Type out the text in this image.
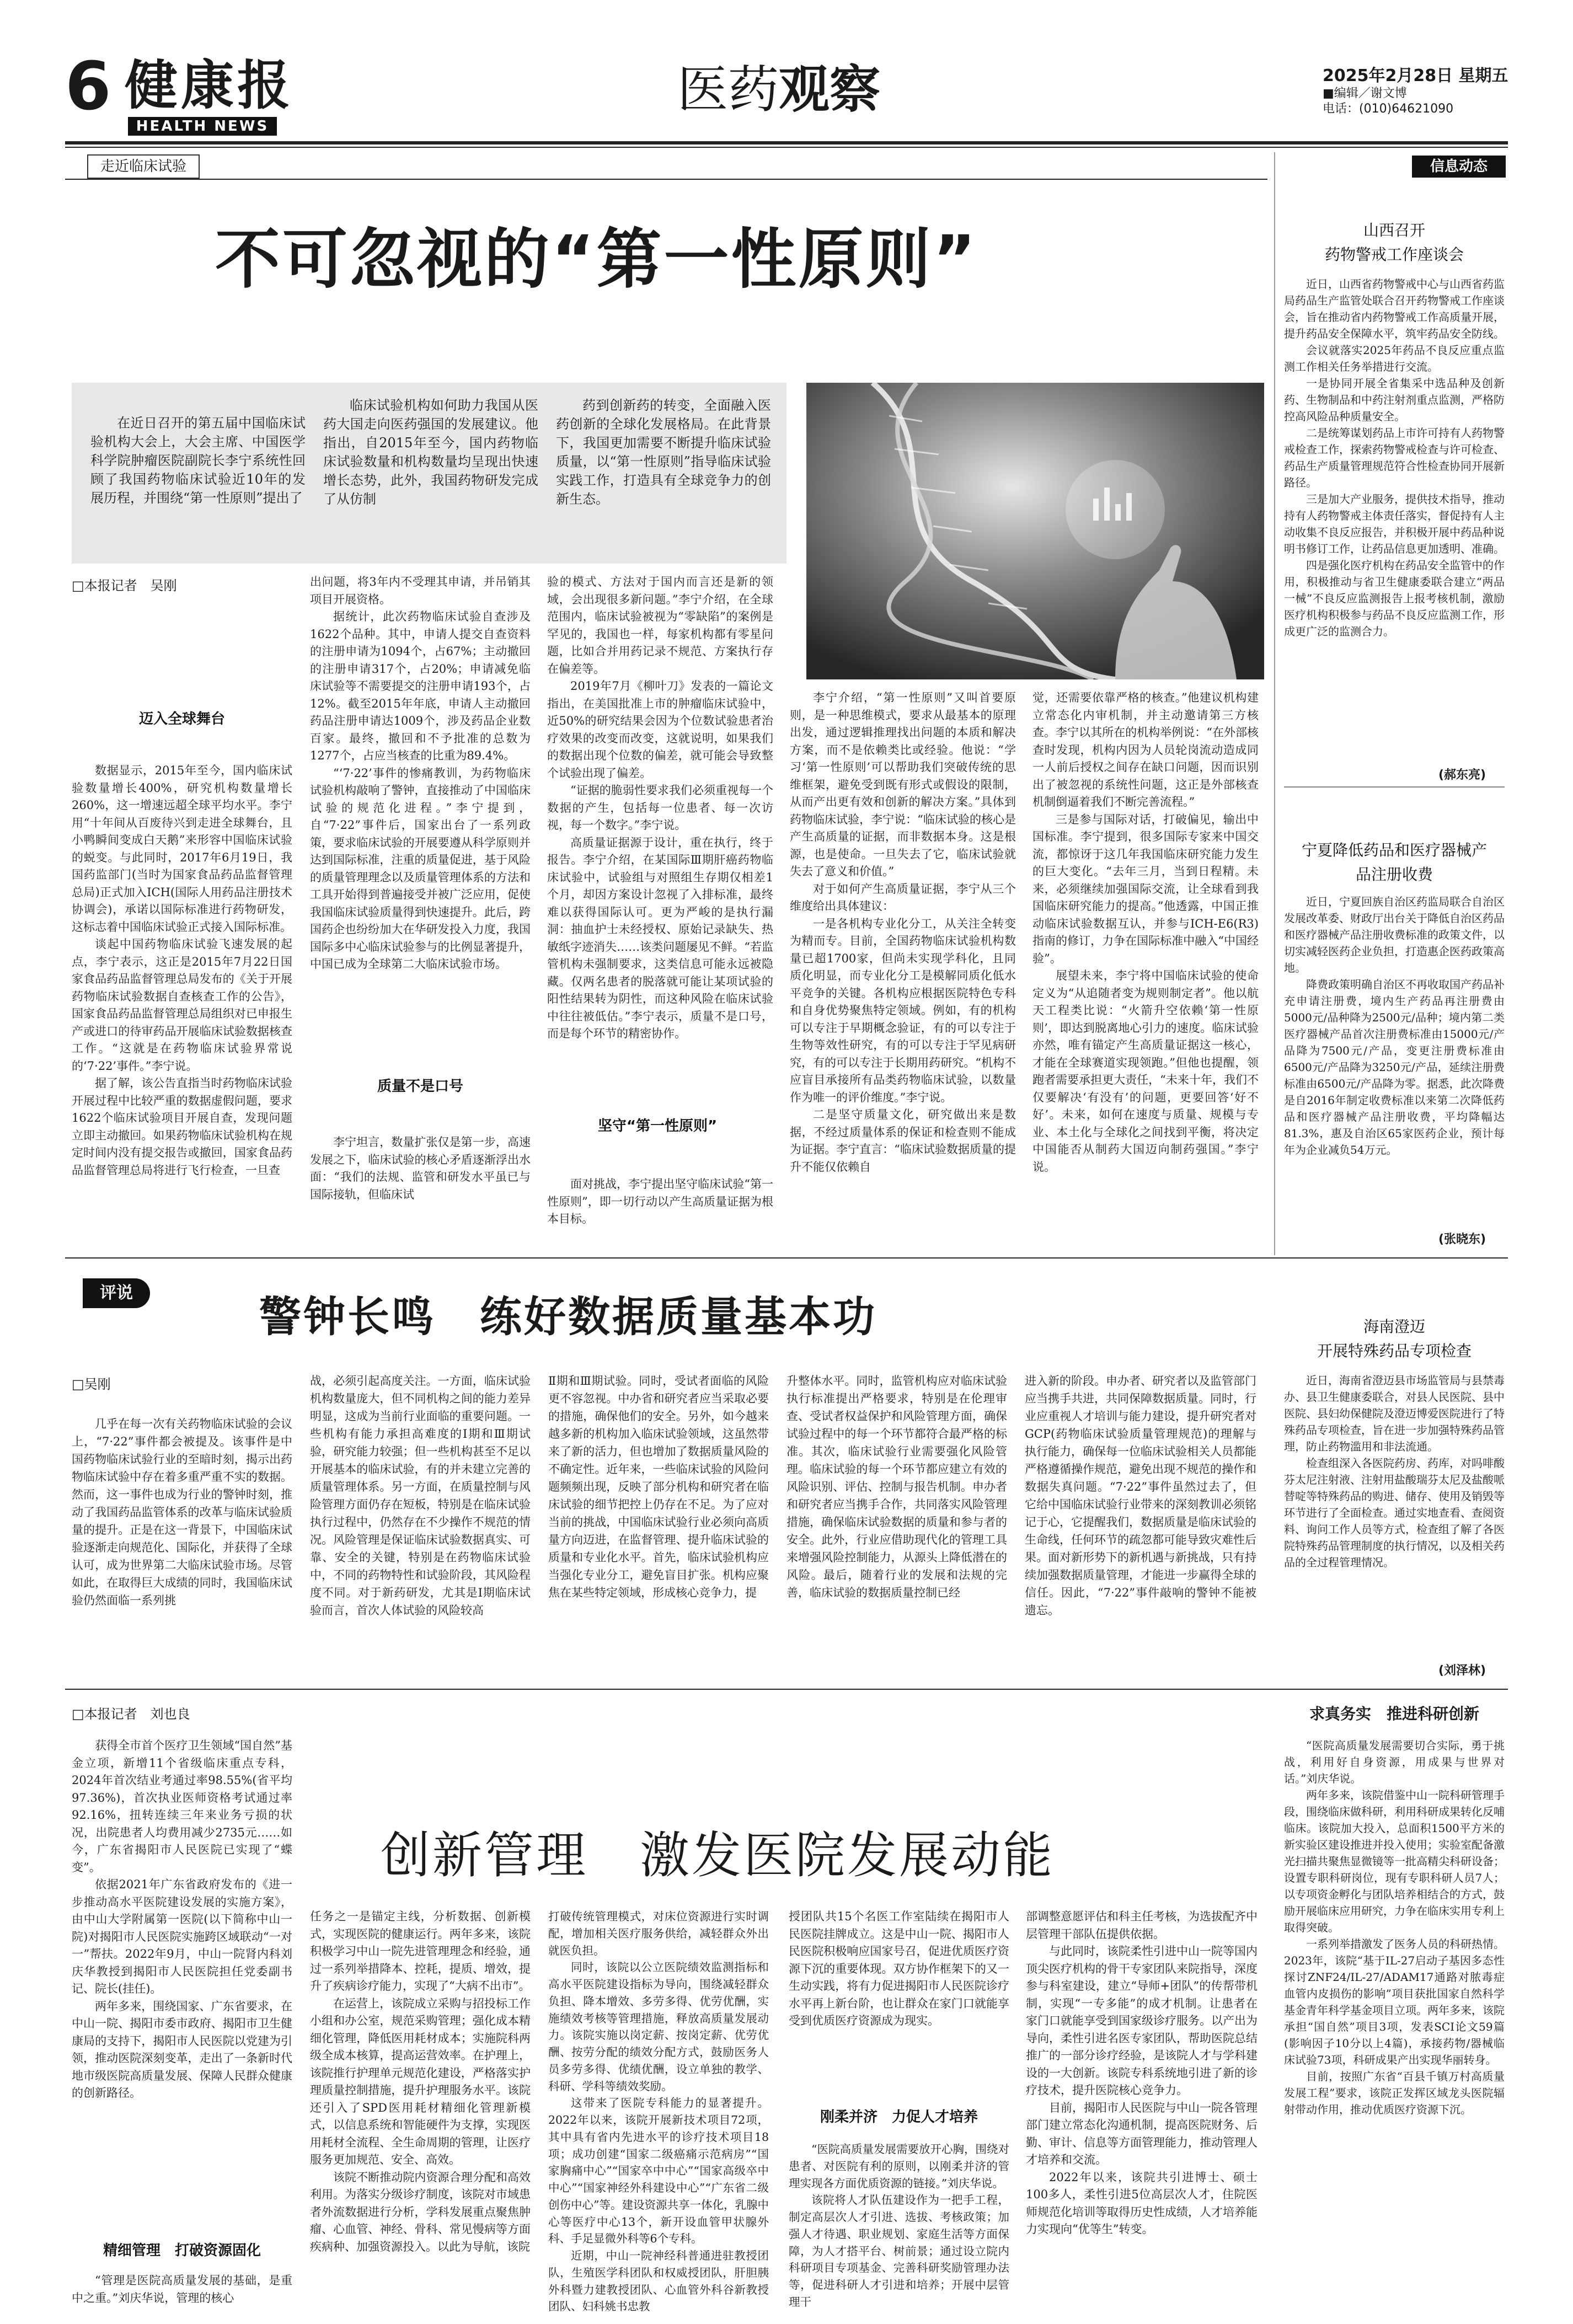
6 健康报
HEALTH NEWS
医药观察	2025年2月28日 星期五
■编辑／谢文博
电话：(010)64621090
走近临床试验
不可忽视的“第一性原则”

在近日召开的第五届中国临床试验机构大会上，大会主席、中国医学科学院肿瘤医院副院长李宁系统性回顾了我国药物临床试验近10年的发展历程，并围绕“第一性原则”提出了

临床试验机构如何助力我国从医药大国走向医药强国的发展建议。他指出，自2015年至今，国内药物临床试验数量和机构数量均呈现出快速增长态势，此外，我国药物研发完成了从仿制

药到创新药的转变，全面融入医药创新的全球化发展格局。在此背景下，我国更加需要不断提升临床试验质量，以“第一性原则”指导临床试验实践工作，打造具有全球竞争力的创新生态。

□本报记者　吴刚
迈入全球舞台
质量不是口号
坚守“第一性原则”

数据显示，2015年至今，国内临床试验数量增长400%，研究机构数量增长260%，这一增速远超全球平均水平。李宁用“十年间从百废待兴到走进全球舞台，且小鸭瞬间变成白天鹅”来形容中国临床试验的蜕变。与此同时，2017年6月19日，我国药监部门(当时为国家食品药品监督管理总局)正式加入ICH(国际人用药品注册技术协调会)，承诺以国际标准进行药物研发，这标志着中国临床试验正式接入国际标准。

谈起中国药物临床试验飞速发展的起点，李宁表示，这正是2015年7月22日国家食品药品监督管理总局发布的《关于开展药物临床试验数据自查核查工作的公告》，国家食品药品监督管理总局组织对已申报生产或进口的待审药品开展临床试验数据核查工作。“这就是在药物临床试验界常说的‘7·22’事件。”李宁说。

据了解，该公告直指当时药物临床试验开展过程中比较严重的数据虚假问题，要求1622个临床试验项目开展自查，发现问题立即主动撤回。如果药物临床试验机构在规定时间内没有提交报告或撤回，国家食品药品监督管理总局将进行飞行检查，一旦查

出问题，将3年内不受理其申请，并吊销其项目开展资格。

据统计，此次药物临床试验自查涉及1622个品种。其中，申请人提交自查资料的注册申请为1094个，占67%；主动撤回的注册申请317个，占20%；申请减免临床试验等不需要提交的注册申请193个，占12%。截至2015年年底，申请人主动撤回药品注册申请达1009个，涉及药品企业数百家。最终，撤回和不予批准的总数为1277个，占应当核查的比重为89.4%。

“‘7·22’事件的惨痛教训，为药物临床试验机构敲响了警钟，直接推动了中国临床试验的规范化进程。”李宁提到，自“7·22”事件后，国家出台了一系列政策，要求临床试验的开展要遵从科学原则并达到国际标准，注重的质量促进，基于风险的质量管理理念以及质量管理体系的方法和工具开始得到普遍接受并被广泛应用，促使我国临床试验质量得到快速提升。此后，跨国药企也纷纷加大在华研发投入力度，我国国际多中心临床试验参与的比例显著提升，中国已成为全球第二大临床试验市场。

李宁坦言，数量扩张仅是第一步，高速发展之下，临床试验的核心矛盾逐渐浮出水面：“我们的法规、监管和研发水平虽已与国际接轨，但临床试

验的模式、方法对于国内而言还是新的领域，会出现很多新问题。”李宁介绍，在全球范围内，临床试验被视为“零缺陷”的案例是罕见的，我国也一样，每家机构都有零星问题，比如合并用药记录不规范、方案执行存在偏差等。

2019年7月《柳叶刀》发表的一篇论文指出，在美国批准上市的肿瘤临床试验中，近50%的研究结果会因为个位数试验患者治疗效果的改变而改变，这就说明，如果我们的数据出现个位数的偏差，就可能会导致整个试验出现了偏差。

“证据的脆弱性要求我们必须重视每一个数据的产生，包括每一位患者、每一次访视，每一个数字。”李宁说。

高质量证据源于设计，重在执行，终于报告。李宁介绍，在某国际Ⅲ期肝癌药物临床试验中，试验组与对照组生存期仅相差1个月，却因方案设计忽视了入排标准，最终难以获得国际认可。更为严峻的是执行漏洞：抽血护士未经授权、原始记录缺失、热敏纸字迹消失……该类问题屡见不鲜。“若监管机构未强制要求，这类信息可能永远被隐藏。仅两名患者的脱落就可能让某项试验的阳性结果转为阴性，而这种风险在临床试验中往往被低估。”李宁表示，质量不是口号，而是每个环节的精密协作。

面对挑战，李宁提出坚守临床试验“第一性原则”，即一切行动以产生高质量证据为根本目标。

李宁介绍，“第一性原则”又叫首要原则，是一种思维模式，要求从最基本的原理出发，通过逻辑推理找出问题的本质和解决方案，而不是依赖类比或经验。他说：“学习‘第一性原则’可以帮助我们突破传统的思维框架，避免受到既有形式或假设的限制，从而产出更有效和创新的解决方案。”具体到药物临床试验，李宁说：“临床试验的核心是产生高质量的证据，而非数据本身。这是根源，也是使命。一旦失去了它，临床试验就失去了意义和价值。”

对于如何产生高质量证据，李宁从三个维度给出具体建议：

一是各机构专业化分工，从关注全转变为精而专。目前，全国药物临床试验机构数量已超1700家，但尚未实现学科化，且同质化明显，而专业化分工是模解同质化低水平竞争的关键。各机构应根据医院特色专科和自身优势聚焦特定领域。例如，有的机构可以专注于早期概念验证，有的可以专注于生物等效性研究，有的可以专注于罕见病研究，有的可以专注于长期用药研究。“机构不应盲目承接所有品类药物临床试验，以数量作为唯一的评价维度。”李宁说。

二是坚守质量文化，研究做出来是数据，不经过质量体系的保证和检查则不能成为证据。李宁直言：“临床试验数据质量的提升不能仅依赖自

觉，还需要依靠严格的核查。”他建议机构建立常态化内审机制，并主动邀请第三方核查。李宁以其所在的机构举例说：“在外部核查时发现，机构内因为人员轮岗流动造成同一人前后授权之间存在缺口问题，因而识别出了被忽视的系统性问题，这正是外部核查机制倒逼着我们不断完善流程。”

三是参与国际对话，打破偏见，输出中国标准。李宁提到，很多国际专家来中国交流，都惊讶于这几年我国临床研究能力发生的巨大变化。“去年三月，当到日程精。未来，必须继续加强国际交流，让全球看到我国临床研究能力的提高。”他透露，中国正推动临床试验数据互认，并参与ICH-E6(R3)指南的修订，力争在国际标准中融入“中国经验”。

展望未来，李宁将中国临床试验的使命定义为“从追随者变为规则制定者”。他以航天工程类比说：“火箭升空依赖‘第一性原则’，即达到脱离地心引力的速度。临床试验亦然，唯有锚定产生高质量证据这一核心，才能在全球赛道实现领跑。”但他也提醒，领跑者需要承担更大责任，“未来十年，我们不仅要解决‘有没有’的问题，更要回答‘好不好’。未来，如何在速度与质量、规模与专业、本土化与全球化之间找到平衡，将决定中国能否从制药大国迈向制药强国。”李宁说。

信息动态
山西召开
药物警戒工作座谈会

近日，山西省药物警戒中心与山西省药监局药品生产监管处联合召开药物警戒工作座谈会，旨在推动省内药物警戒工作高质量开展，提升药品安全保障水平，筑牢药品安全防线。

会议就落实2025年药品不良反应重点监测工作相关任务举措进行交流。

一是协同开展全省集采中选品种及创新药、生物制品和中药注射剂重点监测，严格防控高风险品种质量安全。

二是统筹谋划药品上市许可持有人药物警戒检查工作，探索药物警戒检查与许可检查、药品生产质量管理规范符合性检查协同开展新路径。

三是加大产业服务，提供技术指导，推动持有人药物警戒主体责任落实，督促持有人主动收集不良反应报告，并积极开展中药品种说明书修订工作，让药品信息更加透明、准确。

四是强化医疗机构在药品安全监管中的作用，积极推动与省卫生健康委联合建立“两品一械”不良反应监测报告上报考核机制，激励医疗机构积极参与药品不良反应监测工作，形成更广泛的监测合力。

(郝东亮)
宁夏降低药品和医疗器械产
品注册收费

近日，宁夏回族自治区药监局联合自治区发展改革委、财政厅出台关于降低自治区药品和医疗器械产品注册收费标准的政策文件，以切实减轻医药企业负担，打造惠企医药政策高地。

降费政策明确自治区不再收取国产药品补充申请注册费，境内生产药品再注册费由5000元/品种降为2500元/品种；境内第二类医疗器械产品首次注册费标准由15000元/产品降为7500元/产品，变更注册费标准由6500元/产品降为3250元/产品，延续注册费标准由6500元/产品降为零。据悉，此次降费是自2016年制定收费标准以来第二次降低药品和医疗器械产品注册收费，平均降幅达81.3%，惠及自治区65家医药企业，预计每年为企业减负54万元。

(张晓东)
评说	警钟长鸣　练好数据质量基本功
□吴刚

几乎在每一次有关药物临床试验的会议上，“7·22”事件都会被提及。该事件是中国药物临床试验行业的至暗时刻，揭示出药物临床试验中存在着多重严重不实的数据。然而，这一事件也成为行业的警钟时刻，推动了我国药品监管体系的改革与临床试验质量的提升。正是在这一背景下，中国临床试验逐渐走向规范化、国际化，并获得了全球认可，成为世界第二大临床试验市场。尽管如此，在取得巨大成绩的同时，我国临床试验仍然面临一系列挑

战，必须引起高度关注。一方面，临床试验机构数量庞大，但不同机构之间的能力差异明显，这成为当前行业面临的重要问题。一些机构有能力承担高难度的Ⅰ期和Ⅲ期试验，研究能力较强；但一些机构甚至不足以开展基本的临床试验，有的并未建立完善的质量管理体系。另一方面，在质量控制与风险管理方面仍存在短板，特别是在临床试验执行过程中，仍然存在不少操作不规范的情况。风险管理是保证临床试验数据真实、可靠、安全的关键，特别是在药物临床试验中，不同的药物特性和试验阶段，其风险程度不同。对于新药研发，尤其是Ⅰ期临床试验而言，首次人体试验的风险较高

Ⅱ期和Ⅲ期试验。同时，受试者面临的风险更不容忽视。中办省和研究者应当采取必要的措施，确保他们的安全。另外，如今越来越多新的机构加入临床试验领域，这虽然带来了新的活力，但也增加了数据质量风险的不确定性。近年来，一些临床试验的风险问题频频出现，反映了部分机构和研究者在临床试验的细节把控上仍存在不足。为了应对当前的挑战，中国临床试验行业必须向高质量方向迈进，在监督管理、提升临床试验的质量和专业化水平。首先，临床试验机构应当强化专业分工，避免盲目扩张。机构应聚焦在某些特定领域，形成核心竞争力，提

升整体水平。同时，监管机构应对临床试验执行标准提出严格要求，特别是在伦理审查、受试者权益保护和风险管理方面，确保试验过程中的每一个环节都符合最严格的标准。其次，临床试验行业需要强化风险管理。临床试验的每一个环节都应建立有效的风险识别、评估、控制与报告机制。申办者和研究者应当携手合作，共同落实风险管理措施，确保临床试验数据的质量和参与者的安全。此外，行业应借助现代化的管理工具来增强风险控制能力，从源头上降低潜在的风险。最后，随着行业的发展和法规的完善，临床试验的数据质量控制已经

进入新的阶段。申办者、研究者以及监管部门应当携手共进，共同保障数据质量。同时，行业应重视人才培训与能力建设，提升研究者对GCP(药物临床试验质量管理规范)的理解与执行能力，确保每一位临床试验相关人员都能严格遵循操作规范，避免出现不规范的操作和数据失真问题。“7·22”事件虽然过去了，但它给中国临床试验行业带来的深刻教训必须铭记于心，它提醒我们，数据质量是临床试验的生命线，任何环节的疏忽都可能导致灾难性后果。面对新形势下的新机遇与新挑战，只有持续加强数据质量管理，才能进一步赢得全球的信任。因此，“7·22”事件敲响的警钟不能被遗忘。

海南澄迈
开展特殊药品专项检查

近日，海南省澄迈县市场监管局与县禁毒办、县卫生健康委联合，对县人民医院、县中医院、县妇幼保健院及澄迈博爱医院进行了特殊药品专项检查，旨在进一步加强特殊药品管理，防止药物滥用和非法流通。

检查组深入各医院药房、药库，对吗啡酸芬太尼注射液、注射用盐酸瑞芬太尼及盐酸哌替啶等特殊药品的购进、储存、使用及销毁等环节进行了全面检查。通过实地查看、查阅资料、询问工作人员等方式，检查组了解了各医院特殊药品管理制度的执行情况，以及相关药品的全过程管理情况。

(刘泽林)
□本报记者　刘也良
创新管理　激发医院发展动能
精细管理　打破资源固化
刚柔并济　力促人才培养
求真务实　推进科研创新

获得全市首个医疗卫生领域“国自然”基金立项，新增11个省级临床重点专科，2024年首次结业考通过率98.55%(省平均97.36%)，首次执业医师资格考试通过率92.16%，扭转连续三年来业务亏损的状况，出院患者人均费用减少2735元……如今，广东省揭阳市人民医院已实现了“蝶变”。

依据2021年广东省政府发布的《进一步推动高水平医院建设发展的实施方案》，由中山大学附属第一医院(以下简称中山一院)对揭阳市人民医院实施跨区域联动“一对一”帮扶。2022年9月，中山一院肾内科刘庆华教授到揭阳市人民医院担任党委副书记、院长(挂任)。

两年多来，围绕国家、广东省要求，在中山一院、揭阳市委市政府、揭阳市卫生健康局的支持下，揭阳市人民医院以党建为引领，推动医院深刻变革，走出了一条新时代地市级医院高质量发展、保障人民群众健康的创新路径。

“管理是医院高质量发展的基础，是重中之重。”刘庆华说，管理的核心

任务之一是锚定主线，分析数据、创新模式，实现医院的健康运行。两年多来，该院积极学习中山一院先进管理理念和经验，通过一系列举措降本、控耗，提质、增效，提升了疾病诊疗能力，实现了“大病不出市”。

在运营上，该院成立采购与招投标工作小组和办公室，规范采购管理；强化成本精细化管理，降低医用耗材成本；实施院科两级全成本核算，提高运营效率。在护理上，该院推行护理单元规范化建设，严格落实护理质量控制措施，提升护理服务水平。该院还引入了SPD医用耗材精细化管理新模式，以信息系统和智能硬件为支撑，实现医用耗材全流程、全生命周期的管理，让医疗服务更加规范、安全、高效。

该院不断推动院内资源合理分配和高效利用。为落实分级诊疗制度，该院对市域患者外流数据进行分析，学科发展重点聚焦肿瘤、心血管、神经、骨科、常见慢病等方面疾病种、加强资源投入。以此为导航，该院

打破传统管理模式，对床位资源进行实时调配，增加相关医疗服务供给，减轻群众外出就医负担。

同时，该院以公立医院绩效监测指标和高水平医院建设指标为导向，围绕减轻群众负担、降本增效、多劳多得、优劳优酬，实施绩效考核等管理措施，释放高质量发展动力。该院实施以岗定薪、按岗定薪、优劳优酬、按劳分配的绩效分配方式，鼓励医务人员多劳多得、优绩优酬，设立单独的教学、科研、学科等绩效奖励。

这带来了医院专科能力的显著提升。2022年以来，该院开展新技术项目72项，其中具有省内先进水平的诊疗技术项目18项；成功创建“国家二级癌痛示范病房”“国家胸痛中心”“国家卒中中心”“国家高级卒中中心”“国家神经外科建设中心”“广东省二级创伤中心”等。建设资源共享一体化，乳腺中心等医疗中心13个，新开设血管甲状腺外科、手足显微外科等6个专科。

近期，中山一院神经科普通进驻教授团队，生殖医学科团队和权威授团队，肝胆胰外科暨力建教授团队、心血管外科谷新教授团队、妇科姚书忠教

授团队共15个名医工作室陆续在揭阳市人民医院挂牌成立。这是中山一院、揭阳市人民医院积极响应国家号召，促进优质医疗资源下沉的重要体现。双方协作框架下的又一生动实践，将有力促进揭阳市人民医院诊疗水平再上新台阶，也让群众在家门口就能享受到优质医疗资源成为现实。

“医院高质量发展需要放开心胸，围绕对患者、对医院有利的原则，以刚柔并济的管理实现各方面优质资源的链接。”刘庆华说。

该院将人才队伍建设作为一把手工程，制定高层次人才引进、选拔、考核政策；加强人才待遇、职业规划、家庭生活等方面保障，为人才搭平台、树前景；通过设立院内科研项目专项基金、完善科研奖励管理办法等，促进科研人才引进和培养；开展中层管理干

部调整意愿评估和科主任考核，为选拔配齐中层管理干部队伍提供依据。

与此同时，该院柔性引进中山一院等国内顶尖医疗机构的骨干专家团队来院指导，深度参与科室建设，建立“导师+团队”的传帮带机制，实现“一专多能”的成才机制。让患者在家门口就能享受到国家级诊疗服务。以产出为导向，柔性引进名医专家团队，帮助医院总结推广的一部分诊疗经验，是该院人才与学科建设的一大创新。该院专科系统地引进了新的诊疗技术，提升医院核心竞争力。

目前，揭阳市人民医院与中山一院各管理部门建立常态化沟通机制，提高医院财务、后勤、审计、信息等方面管理能力，推动管理人才培养和交流。

2022年以来，该院共引进博士、硕士100多人，柔性引进5位高层次人才，住院医师规范化培训等取得历史性成绩，人才培养能力实现向“优等生”转变。

“医院高质量发展需要切合实际，勇于挑战，利用好自身资源，用成果与世界对话。”刘庆华说。

两年多来，该院借鉴中山一院科研管理手段，围绕临床做科研，利用科研成果转化反哺临床。该院加大投入，总面积1500平方米的新实验区建设推进并投入使用；实验室配备激光扫描共聚焦显微镜等一批高精尖科研设备；设置专职科研岗位，现有专职科研人员7人；以专项资金孵化与团队培养相结合的方式，鼓励开展临床应用研究，力争在临床实用专利上取得突破。

一系列举措激发了医务人员的科研热情。2023年，该院“基于IL-27启动子基因多态性探讨ZNF24/IL-27/ADAM17通路对脓毒症血管内皮损伤的影响”项目获批国家自然科学基金青年科学基金项目立项。两年多来，该院承担“国自然”项目3项，发表SCI论文59篇(影响因子10分以上4篇)，承接药物/器械临床试验73项，科研成果产出实现华丽转身。

目前，按照广东省“百县千镇万村高质量发展工程”要求，该院正发挥区域龙头医院辐射带动作用，推动优质医疗资源下沉。
